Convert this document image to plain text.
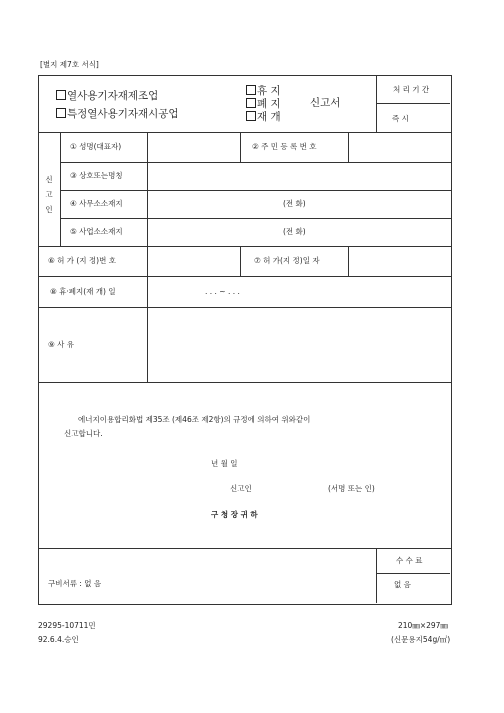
[별지 제7호 서식]
열사용기자재제조업
특정열사용기자재시공업
휴 지
폐 지
재 개
신고서
처 리 기 간
즉 시
신
고
인
① 성명(대표자)	② 주 민 등 록 번 호
③ 상호또는명칭
④ 사무소소재지	(전 화)
⑤ 사업소소재지	(전 화)
⑥ 허 가 (지 정)번 호	⑦ 허 가(지 정)일 자
⑧ 휴·폐지(재 개) 일	. . . ~ . . .
⑨ 사 유
에너지이용합리화법 제35조 (제46조 제2항)의 규정에 의하여 위와같이
신고합니다.
년 월 일
신고인	(서명 또는 인)
구 청 장 귀 하
구비서류 : 없 음
수 수 료
없 음
29295-10711민
92.6.4.승인
210㎜×297㎜
(신문용지54g/㎡)
